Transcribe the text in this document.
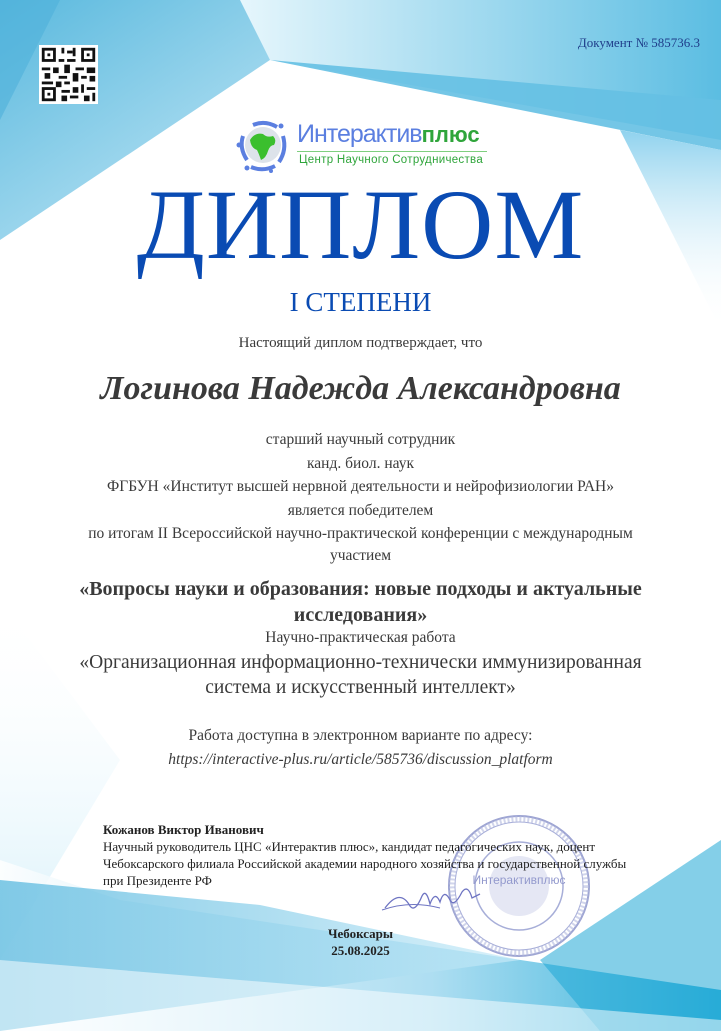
Документ № 585736.3
Интерактивплюс
Центр Научного Сотрудничества
ДИПЛОМ
I СТЕПЕНИ
Настоящий диплом подтверждает, что
Логинова Надежда Александровна
старший научный сотрудник
канд. биол. наук
ФГБУН «Институт высшей нервной деятельности и нейрофизиологии РАН»
является победителем
по итогам II Всероссийской научно-практической конференции с международным
участием
«Вопросы науки и образования: новые подходы и актуальные исследования»
Научно-практическая работа
«Организационная информационно-технически иммунизированная система и искусственный интеллект»
Работа доступна в электронном варианте по адресу:
https://interactive-plus.ru/article/585736/discussion_platform
Интерактивплюс
Кожанов Виктор Иванович
Научный руководитель ЦНС «Интерактив плюс», кандидат педагогических наук, доцент Чебоксарского филиала Российской академии народного хозяйства и государственной службы при Президенте РФ
Чебоксары
25.08.2025
